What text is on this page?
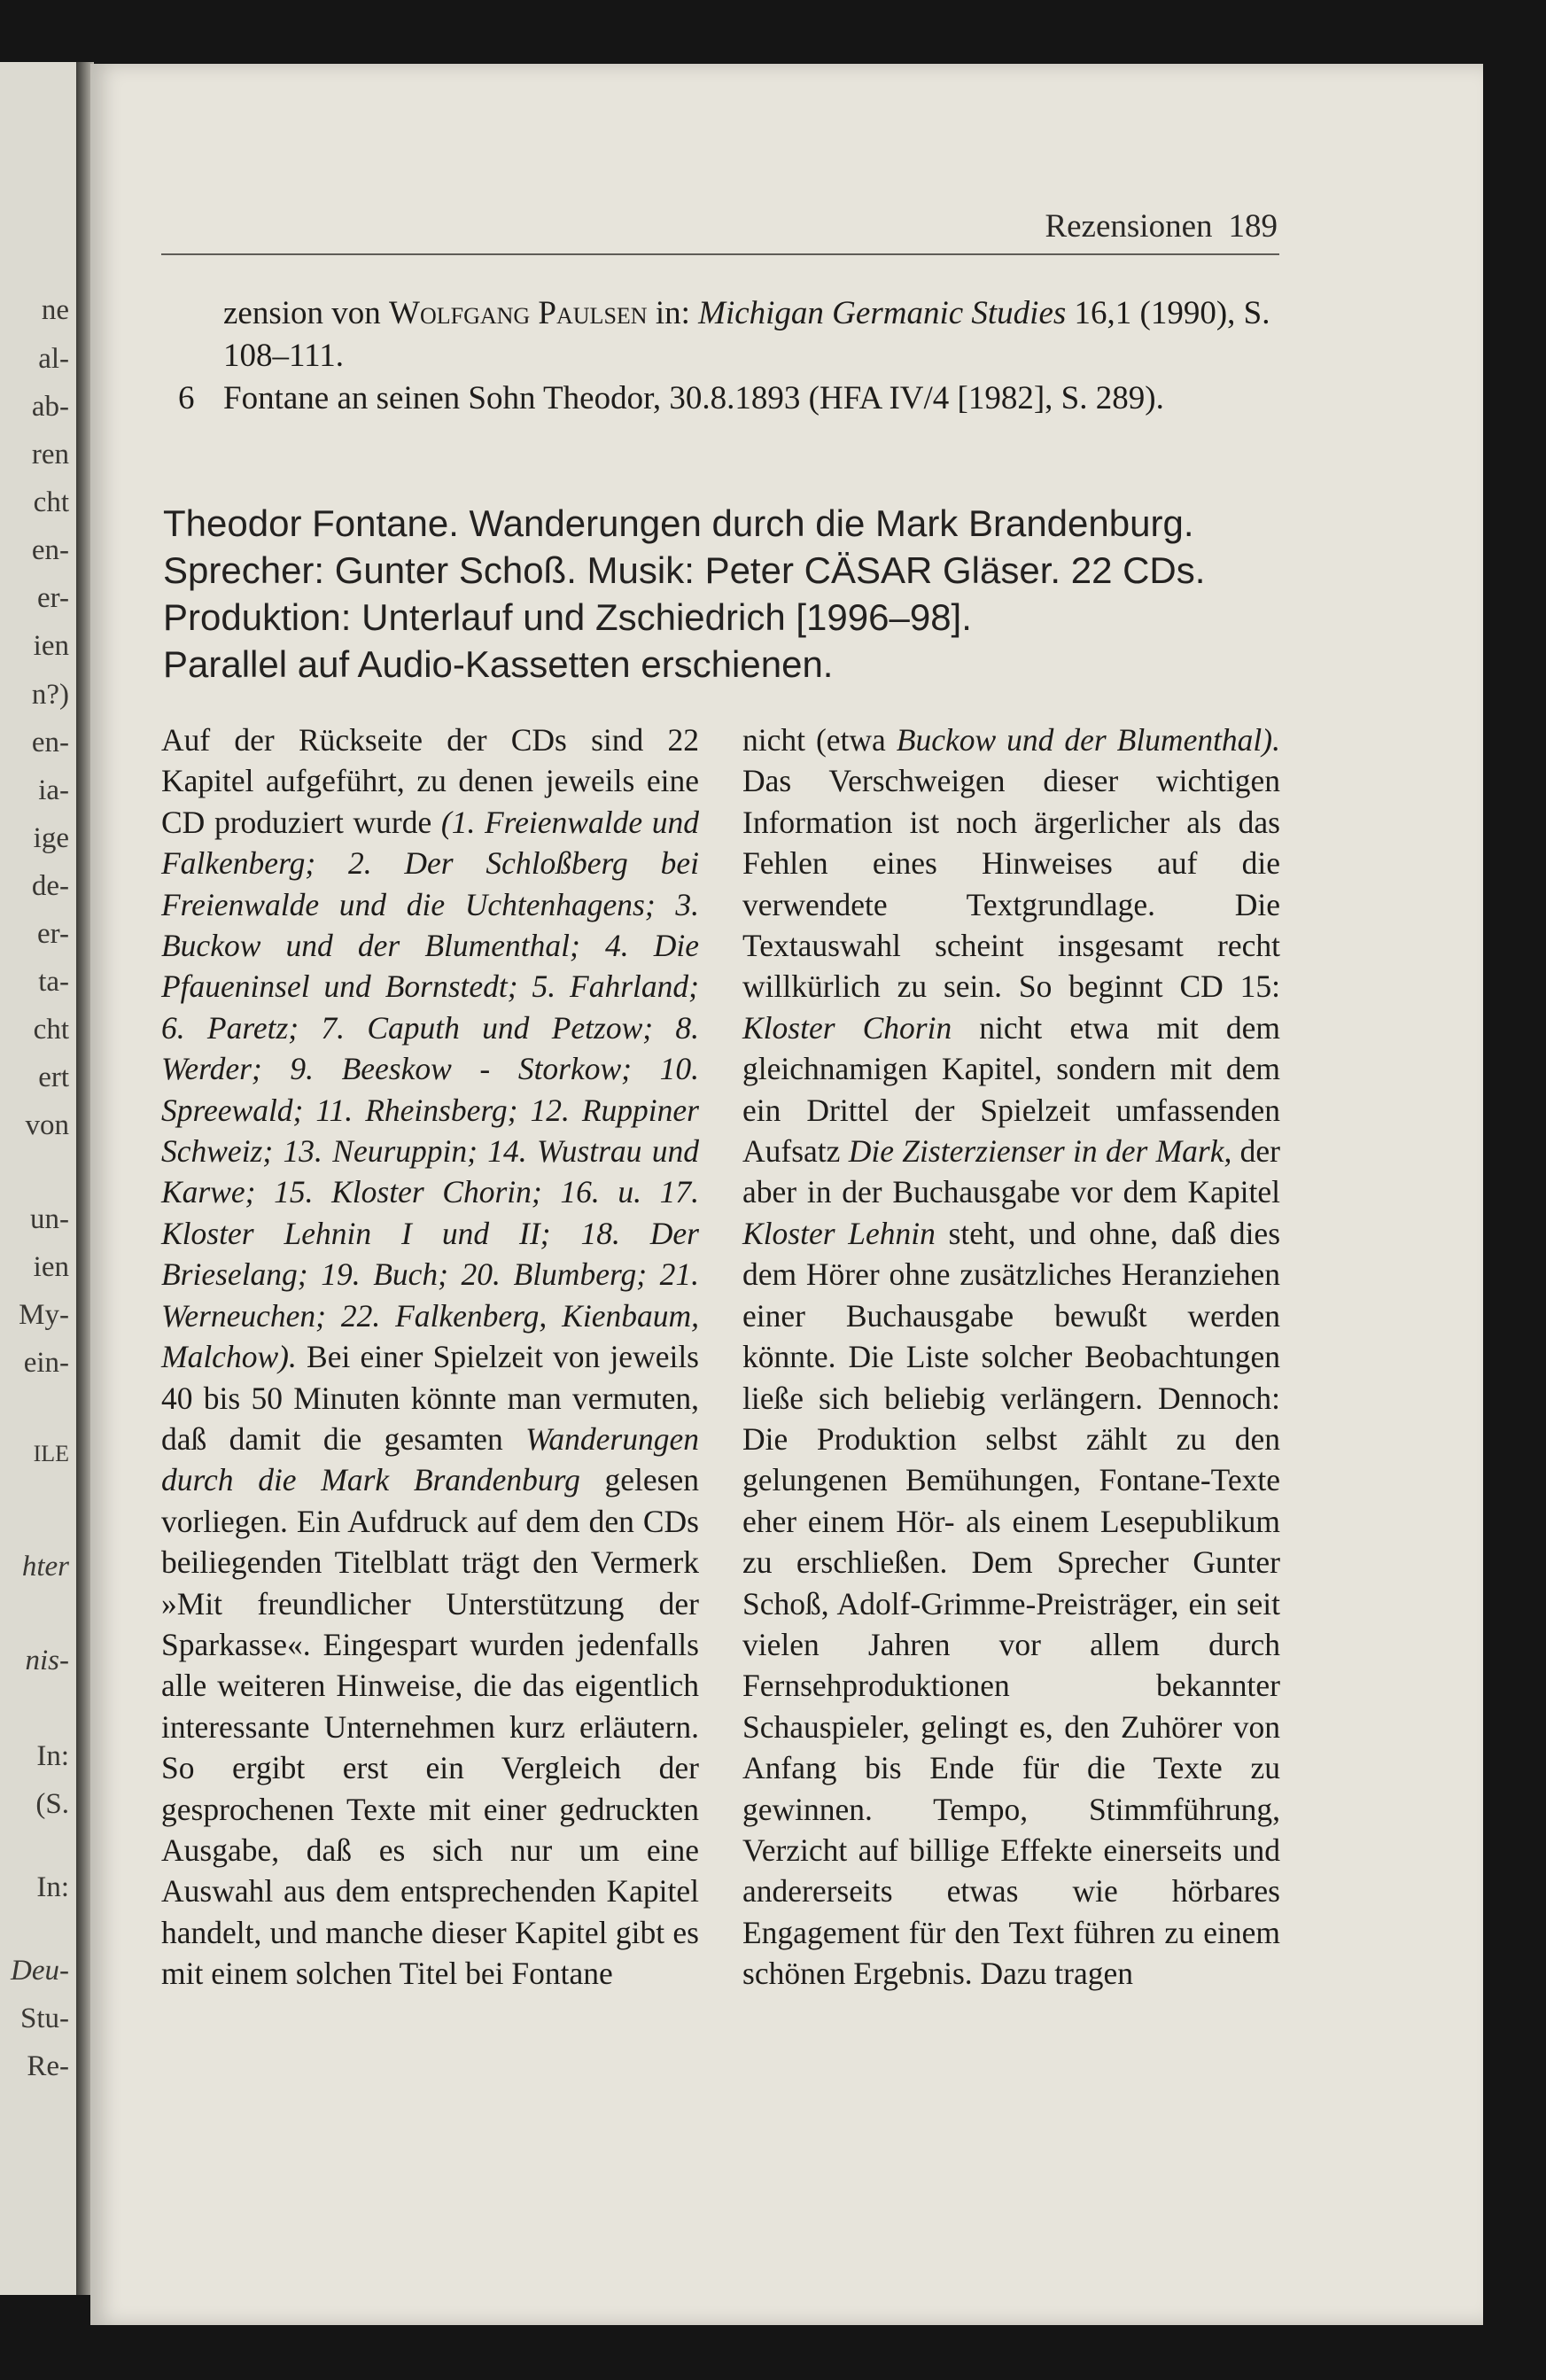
ne
al-
ab-
ren
cht
en-
er-
ien
n?)
en-
ia-
ige
de-
er-
ta-
cht
ert
von
un-
ien
My-
ein-
ILE
hter
nis-
In:
(S.
In:
Deu-
Stu-
Re-
Rezensionen 189
zension von Wolfgang Paulsen in: Michigan Germanic Studies 16,1 (1990), S.
108–111.
6 Fontane an seinen Sohn Theodor, 30.8.1893 (HFA IV/4 [1982], S. 289).
Theodor Fontane. Wanderungen durch die Mark Brandenburg.
Sprecher: Gunter Schoß. Musik: Peter CÄSAR Gläser. 22 CDs.
Produktion: Unterlauf und Zschiedrich [1996–98].
Parallel auf Audio-Kassetten erschienen.

Auf der Rückseite der CDs sind 22 Kapitel aufgeführt, zu denen jeweils eine CD produziert wurde (1. Freienwalde und Falkenberg; 2. Der Schloßberg bei Freienwalde und die Uchtenhagens; 3. Buckow und der Blumenthal; 4. Die Pfaueninsel und Bornstedt; 5. Fahrland; 6. Paretz; 7. Caputh und Petzow; 8. Werder; 9. Beeskow - Storkow; 10. Spreewald; 11. Rheinsberg; 12. Ruppiner Schweiz; 13. Neuruppin; 14. Wustrau und Karwe; 15. Kloster Chorin; 16. u. 17. Kloster Lehnin I und II; 18. Der Brieselang; 19. Buch; 20. Blumberg; 21. Werneuchen; 22. Falkenberg, Kienbaum, Malchow). Bei einer Spielzeit von jeweils 40 bis 50 Minuten könnte man vermuten, daß damit die gesamten Wanderungen durch die Mark Brandenburg gelesen vorliegen. Ein Aufdruck auf dem den CDs beiliegenden Titelblatt trägt den Vermerk »Mit freundlicher Unterstützung der Sparkasse«. Eingespart wurden jedenfalls alle weiteren Hinweise, die das eigentlich interessante Unternehmen kurz erläutern. So ergibt erst ein Vergleich der gesprochenen Texte mit einer gedruckten Ausgabe, daß es sich nur um eine Auswahl aus dem entsprechenden Kapitel handelt, und manche dieser Kapitel gibt es mit einem solchen Titel bei Fontane

nicht (etwa Buckow und der Blumenthal). Das Verschweigen dieser wichtigen Information ist noch ärgerlicher als das Fehlen eines Hinweises auf die verwendete Textgrundlage. Die Textauswahl scheint insgesamt recht willkürlich zu sein. So beginnt CD 15: Kloster Chorin nicht etwa mit dem gleichnamigen Kapitel, sondern mit dem ein Drittel der Spielzeit umfassenden Aufsatz Die Zisterzienser in der Mark, der aber in der Buchausgabe vor dem Kapitel Kloster Lehnin steht, und ohne, daß dies dem Hörer ohne zusätzliches Heranziehen einer Buchausgabe bewußt werden könnte. Die Liste solcher Beobachtungen ließe sich beliebig verlängern. Dennoch: Die Produktion selbst zählt zu den gelungenen Bemühungen, Fontane-Texte eher einem Hör- als einem Lesepublikum zu erschließen. Dem Sprecher Gunter Schoß, Adolf-Grimme-Preisträger, ein seit vielen Jahren vor allem durch Fernsehproduktionen bekannter Schauspieler, gelingt es, den Zuhörer von Anfang bis Ende für die Texte zu gewinnen. Tempo, Stimmführung, Verzicht auf billige Effekte einerseits und andererseits etwas wie hörbares Engagement für den Text führen zu einem schönen Ergebnis. Dazu tragen
